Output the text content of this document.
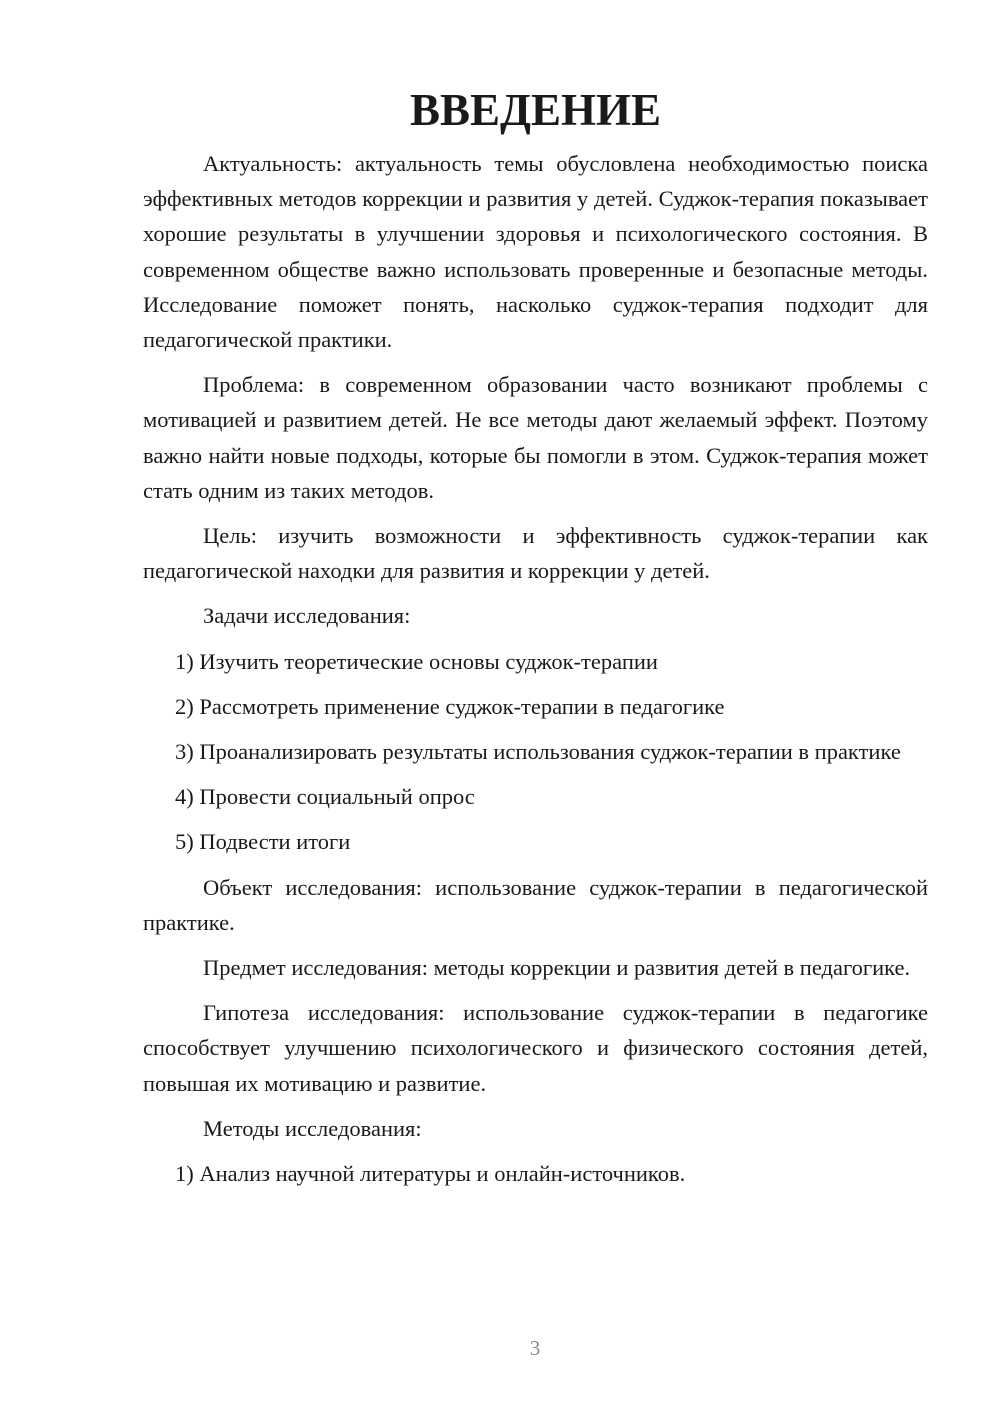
ВВЕДЕНИЕ

Актуальность: актуальность темы обусловлена необходимостью поиска эффективных методов коррекции и развития у детей. Суджок-терапия показывает хорошие результаты в улучшении здоровья и психологического состояния. В современном обществе важно использовать проверенные и безопасные методы. Исследование поможет понять, насколько суджок-терапия подходит для педагогической практики.

Проблема: в современном образовании часто возникают проблемы с мотивацией и развитием детей. Не все методы дают желаемый эффект. Поэтому важно найти новые подходы, которые бы помогли в этом. Суджок-терапия может стать одним из таких методов.

Цель: изучить возможности и эффективность суджок-терапии как педагогической находки для развития и коррекции у детей.

Задачи исследования:

1) Изучить теоретические основы суджок-терапии

2) Рассмотреть применение суджок-терапии в педагогике

3) Проанализировать результаты использования суджок-терапии в практике

4) Провести социальный опрос

5) Подвести итоги

Объект исследования: использование суджок-терапии в педагогической практике.

Предмет исследования: методы коррекции и развития детей в педагогике.

Гипотеза исследования: использование суджок-терапии в педагогике способствует улучшению психологического и физического состояния детей, повышая их мотивацию и развитие.

Методы исследования:

1) Анализ научной литературы и онлайн-источников.

3
